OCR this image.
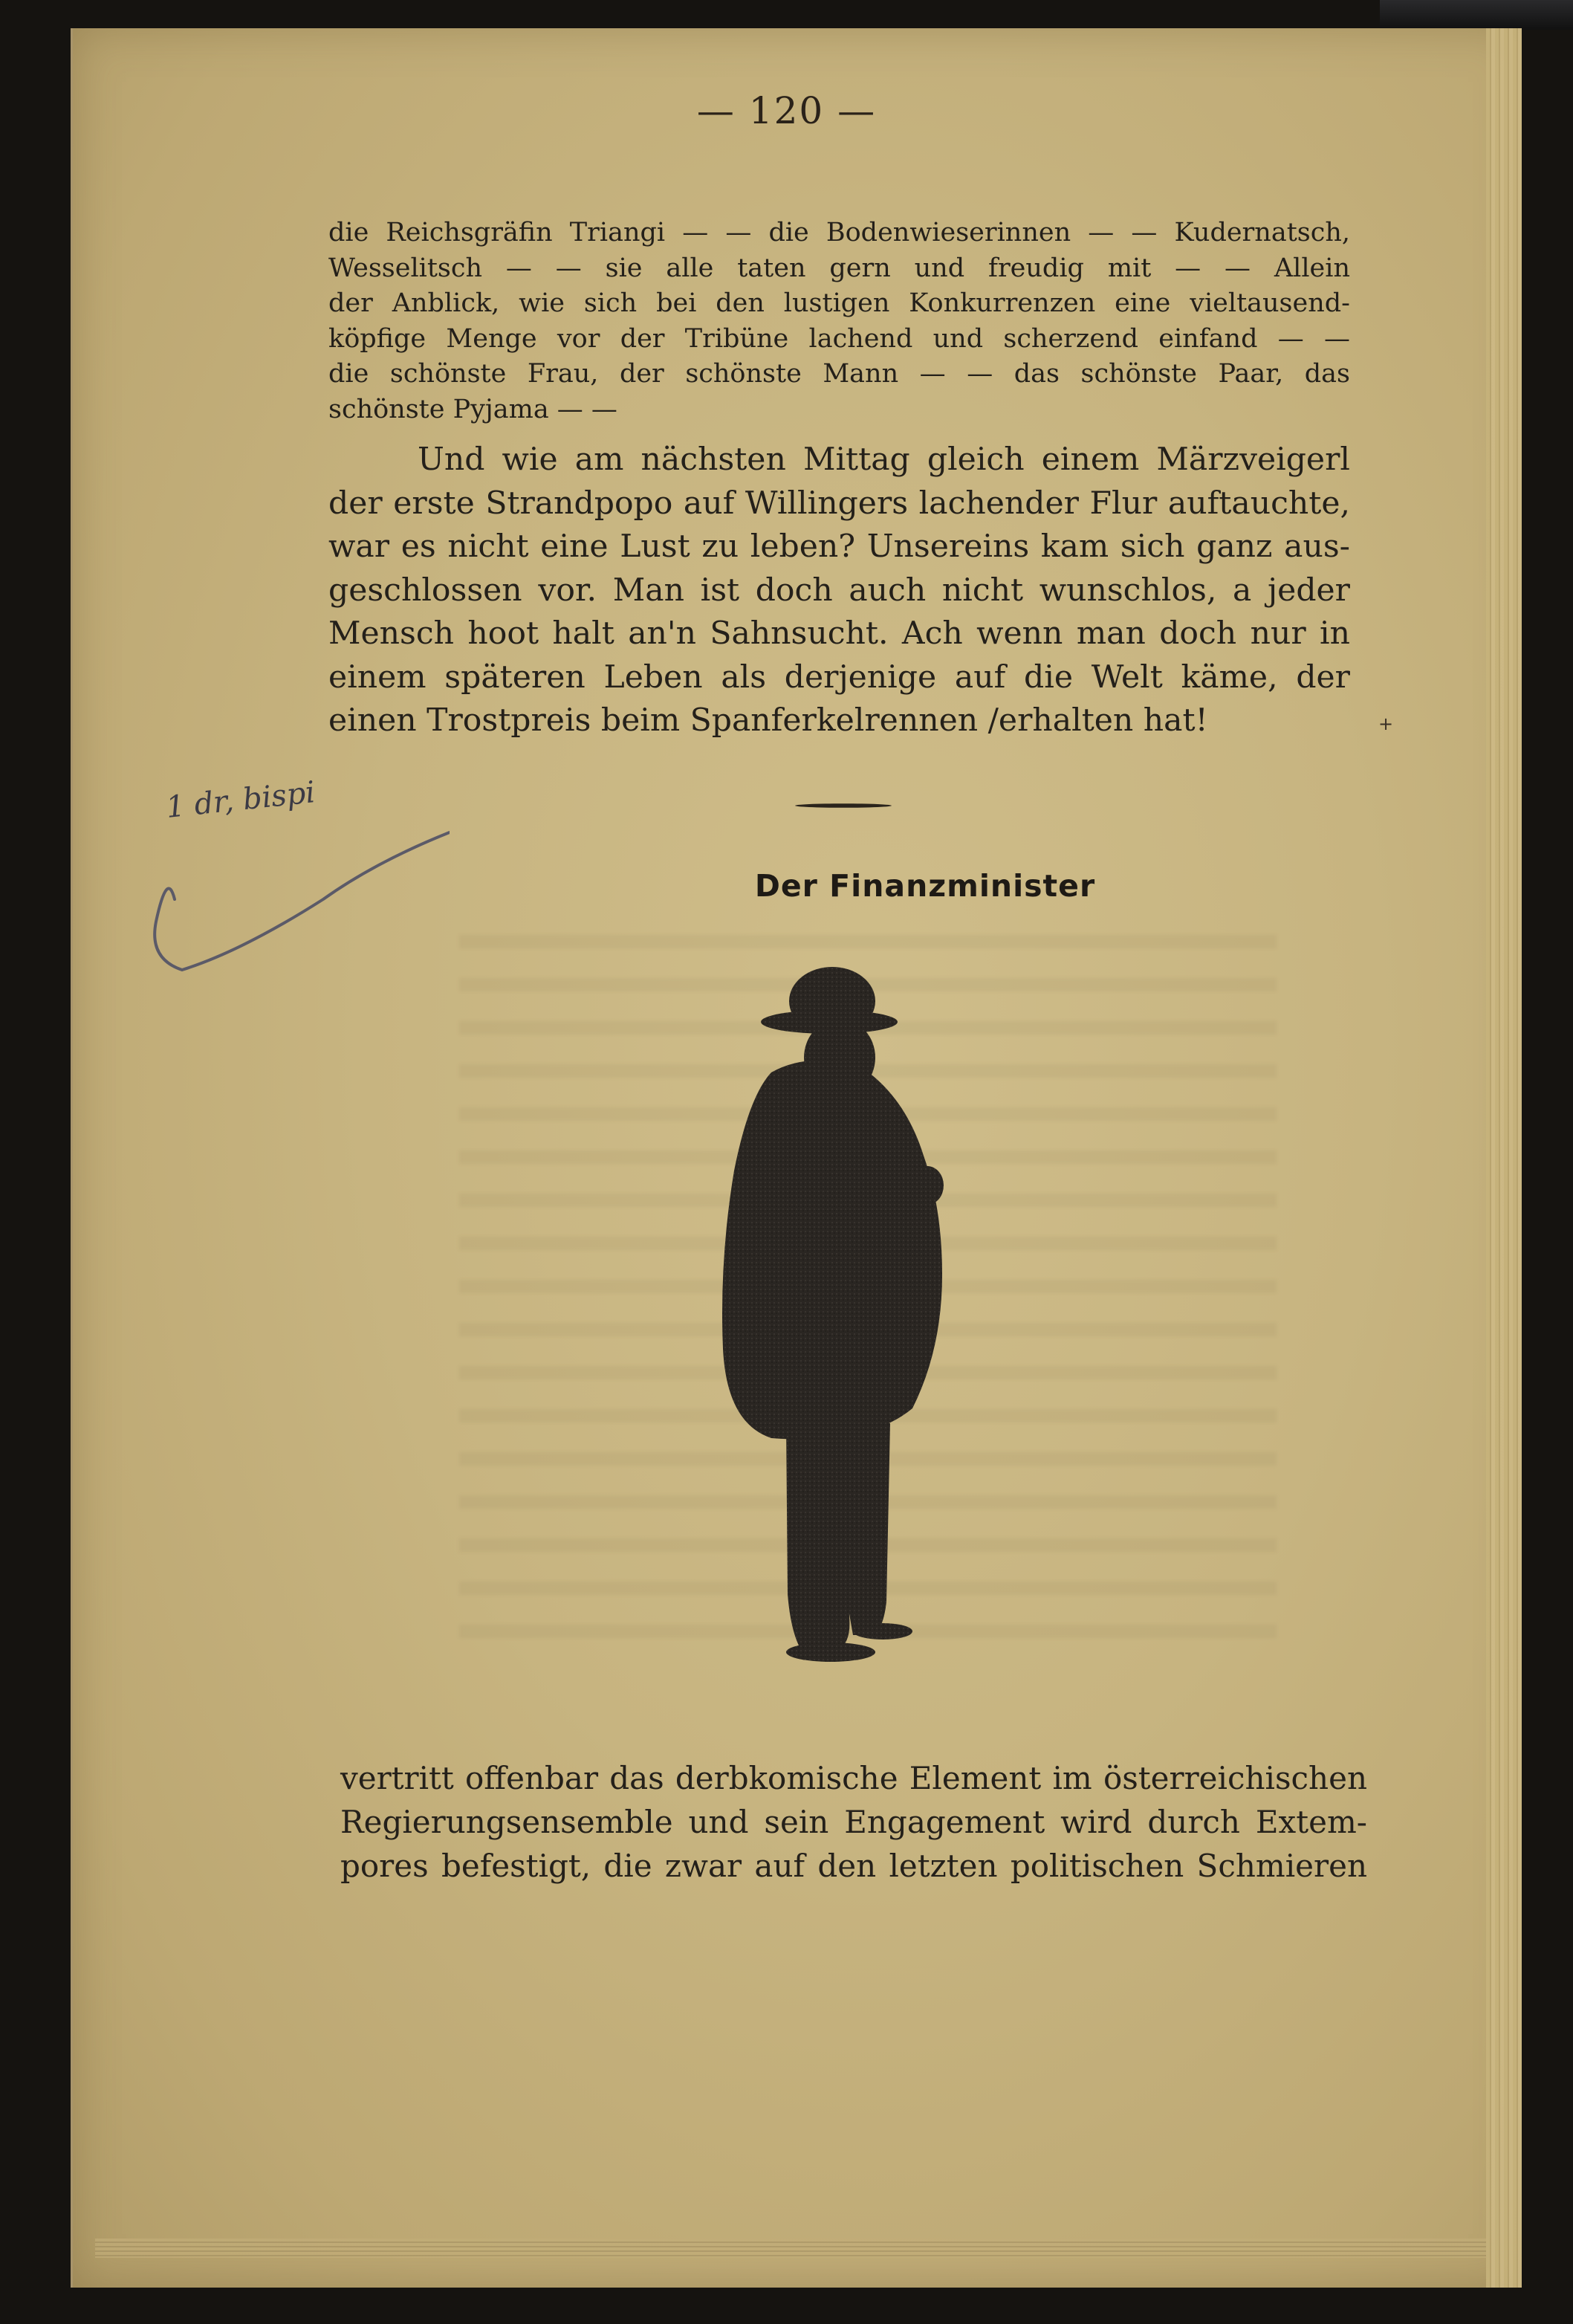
— 120 —

die Reichsgräfin Triangi — — die Bodenwieserinnen — — Kudernatsch,
Wesselitsch — — sie alle taten gern und freudig mit — — Allein
der Anblick, wie sich bei den lustigen Konkurrenzen eine vieltausend-
köpfige Menge vor der Tribüne lachend und scherzend einfand — —
die schönste Frau, der schönste Mann — — das schönste Paar, das
schönste Pyjama — —
Und wie am nächsten Mittag gleich einem Märzveigerl
der erste Strandpopo auf Willingers lachender Flur auftauchte,
war es nicht eine Lust zu leben? Unsereins kam sich ganz aus-
geschlossen vor. Man ist doch auch nicht wunschlos, a jeder
Mensch hoot halt an'n Sahnsucht. Ach wenn man doch nur in
einem späteren Leben als derjenige auf die Welt käme, der
einen Trostpreis beim Spanferkelrennen /erhalten hat!	+
1 dr, bispi
Der Finanzminister
vertritt offenbar das derbkomische Element im österreichischen
Regierungsensemble und sein Engagement wird durch Extem-
pores befestigt, die zwar auf den letzten politischen Schmieren
